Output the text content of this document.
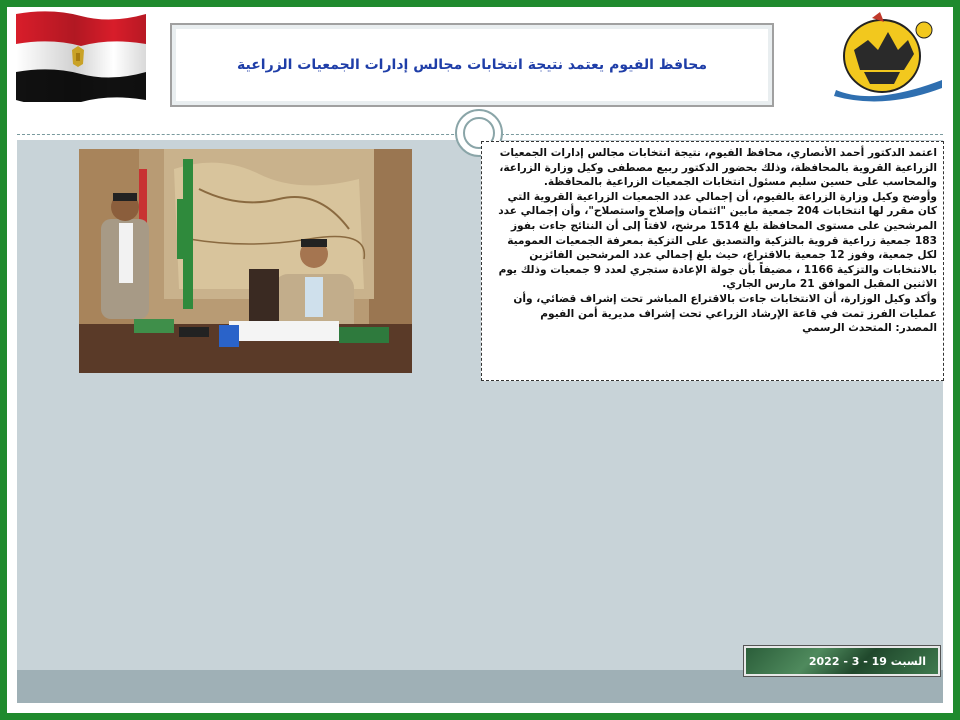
محافظ الفيوم يعتمد نتيجة انتخابات مجالس إدارات الجمعيات الزراعية

اعتمد الدكتور أحمد الأنصاري، محافظ الفيوم، نتيجة انتخابات مجالس إدارات الجمعيات الزراعية القروية بالمحافظة، وذلك بحضور الدكتور ربيع مصطفى وكيل وزارة الزراعة، والمحاسب على حسين سليم مسئول انتخابات الجمعيات الزراعية بالمحافظة.

وأوضح وكيل وزارة الزراعة بالفيوم، أن إجمالي عدد الجمعيات الزراعية القروية التي كان مقرر لها انتخابات 204 جمعية مابين "ائتمان وإصلاح واستصلاح"، وأن إجمالي عدد المرشحين على مستوى المحافظة بلغ 1514 مرشح، لافتاً إلى أن النتائج جاءت بفوز 183 جمعية زراعية قروية بالتزكية والتصديق على التزكية بمعرفة الجمعيات العمومية لكل جمعية، وفوز 12 جمعية بالاقتراع، حيث بلغ إجمالي عدد المرشحين الفائزين بالانتخابات والتزكية 1166 ، مضيفاً بأن جولة الإعادة ستجري لعدد 9 جمعيات وذلك يوم الاثنين المقبل الموافق 21 مارس الجاري.

وأكد وكيل الوزارة، أن الانتخابات جاءت بالاقتراع المباشر تحت إشراف قضائي، وأن عمليات الفرز تمت في قاعة الإرشاد الزراعي تحت إشراف مديرية أمن الفيوم

المصدر: المتحدث الرسمي

السبت 19 - 3 - 2022
